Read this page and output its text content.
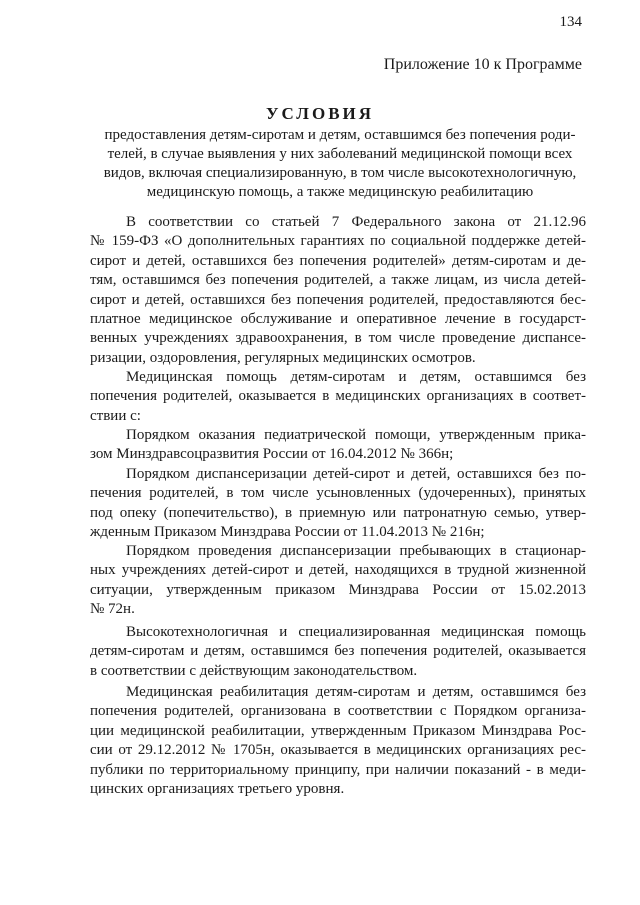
134
Приложение 10 к Программе
УСЛОВИЯ
предоставления детям-сиротам и детям, оставшимся без попечения роди-
телей, в случае выявления у них заболеваний медицинской помощи всех
видов, включая специализированную, в том числе высокотехнологичную,
медицинскую помощь, а также медицинскую реабилитацию
В соответствии со статьей 7 Федерального закона от 21.12.96
№ 159-ФЗ «О дополнительных гарантиях по социальной поддержке детей-
сирот и детей, оставшихся без попечения родителей» детям-сиротам и де-
тям, оставшимся без попечения родителей, а также лицам, из числа детей-
сирот и детей, оставшихся без попечения родителей, предоставляются бес-
платное медицинское обслуживание и оперативное лечение в государст-
венных учреждениях здравоохранения, в том числе проведение диспансе-
ризации, оздоровления, регулярных медицинских осмотров.
Медицинская помощь детям-сиротам и детям, оставшимся без
попечения родителей, оказывается в медицинских организациях в соответ-
ствии с:
Порядком оказания педиатрической помощи, утвержденным прика-
зом Минздравсоцразвития России от 16.04.2012 № 366н;
Порядком диспансеризации детей-сирот и детей, оставшихся без по-
печения родителей, в том числе усыновленных (удочеренных), принятых
под опеку (попечительство), в приемную или патронатную семью, утвер-
жденным Приказом Минздрава России от 11.04.2013 № 216н;
Порядком проведения диспансеризации пребывающих в стационар-
ных учреждениях детей-сирот и детей, находящихся в трудной жизненной
ситуации, утвержденным приказом Минздрава России от 15.02.2013
№ 72н.
Высокотехнологичная и специализированная медицинская помощь
детям-сиротам и детям, оставшимся без попечения родителей, оказывается
в соответствии с действующим законодательством.
Медицинская реабилитация детям-сиротам и детям, оставшимся без
попечения родителей, организована в соответствии с Порядком организа-
ции медицинской реабилитации, утвержденным Приказом Минздрава Рос-
сии от 29.12.2012 № 1705н, оказывается в медицинских организациях рес-
публики по территориальному принципу, при наличии показаний - в меди-
цинских организациях третьего уровня.
